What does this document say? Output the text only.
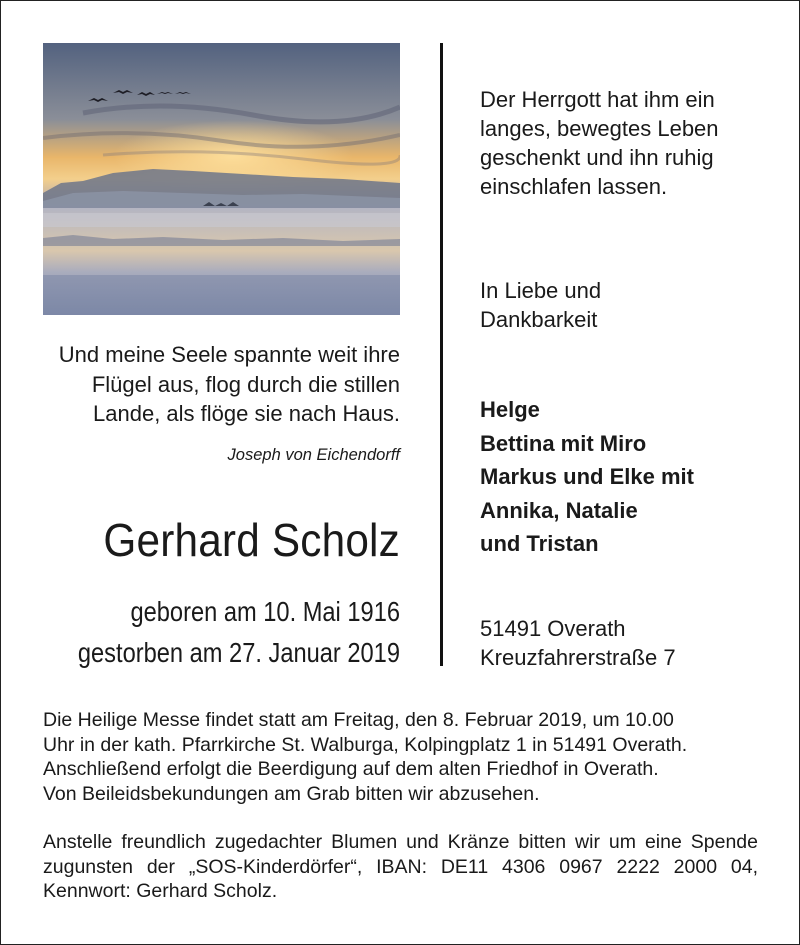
Und meine Seele spannte weit ihre
Flügel aus, flog durch die stillen
Lande, als flöge sie nach Haus.
Joseph von Eichendorff
Gerhard Scholz
geboren am 10. Mai 1916
gestorben am 27. Januar 2019
Der Herrgott hat ihm ein
langes, bewegtes Leben
geschenkt und ihn ruhig
einschlafen lassen.
In Liebe und
Dankbarkeit
Helge
Bettina mit Miro
Markus und Elke mit
Annika, Natalie
und Tristan
51491 Overath
Kreuzfahrerstraße 7
Die Heilige Messe findet statt am Freitag, den 8. Februar 2019, um 10.00
Uhr in der kath. Pfarrkirche St. Walburga, Kolpingplatz 1 in 51491 Overath.
Anschließend erfolgt die Beerdigung auf dem alten Friedhof in Overath.
Von Beileidsbekundungen am Grab bitten wir abzusehen.
Anstelle freundlich zugedachter Blumen und Kränze bitten wir um eine Spende zugunsten der „SOS-Kinderdörfer“, IBAN: DE11 4306 0967 2222 2000 04, Kennwort: Gerhard Scholz.
